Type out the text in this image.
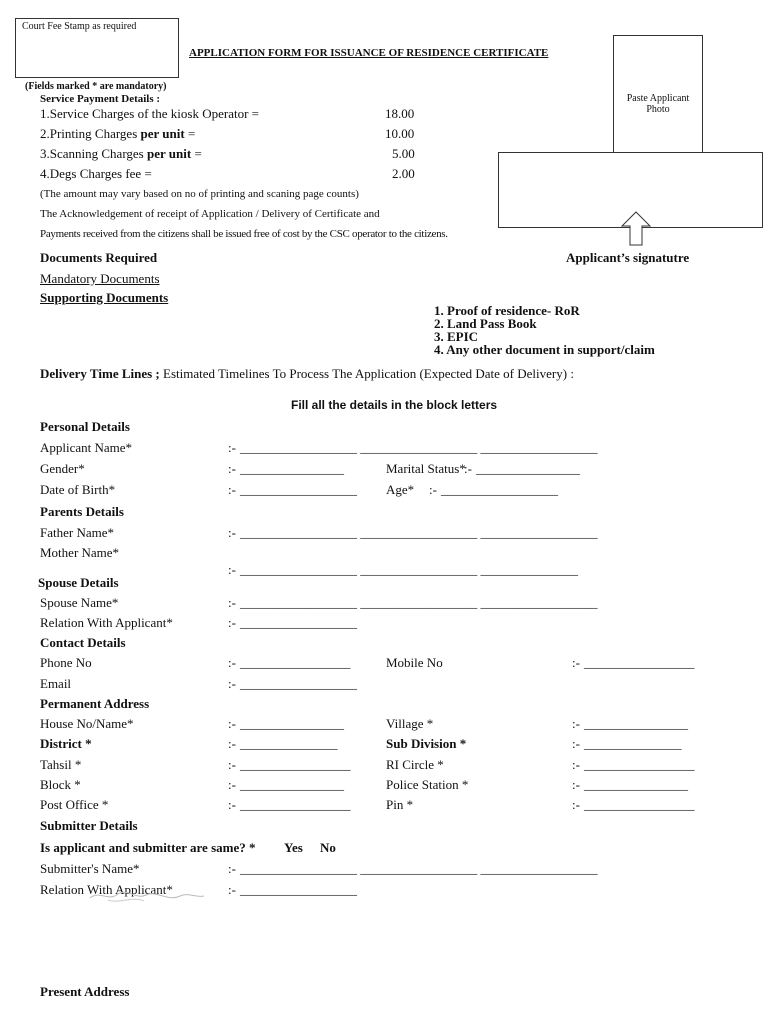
Court Fee Stamp as required
APPLICATION FORM FOR ISSUANCE OF RESIDENCE CERTIFICATE
Paste Applicant
Photo
Applicant’s signatutre
(Fields marked * are mandatory)
Service Payment Details :
1.Service Charges of the kiosk Operator =	18.00
2.Printing Charges per unit =	10.00
3.Scanning Charges per unit =	5.00
4.Degs Charges fee =	2.00
(The amount may vary based on no of printing and scaning page counts)
The Acknowledgement of receipt of Application / Delivery of Certificate and
Payments received from the citizens shall be issued free of cost by the CSC operator to the citizens.
Documents Required
Mandatory Documents
Supporting Documents
1. Proof of residence- RoR
2. Land Pass Book
3. EPIC
4. Any other document in support/claim
Delivery Time Lines ; Estimated Timelines To Process The Application (Expected Date of Delivery) :
Fill all the details in the block letters
Personal Details
Applicant Name*	:- __________________ __________________ __________________
Gender*	:- ________________	Marital Status*
:- ________________
Date of Birth*	:- __________________ Age* :- __________________
Parents Details
Father Name*	:- __________________ __________________ __________________
Mother Name*
:- __________________ __________________ _______________
Spouse Details
Spouse Name*	:- __________________ __________________ __________________
Relation With Applicant*	:- __________________
Contact Details
Phone No	:- _________________	Mobile No	:- _________________
Email	:- __________________
Permanent Address
House No/Name*	:- ________________	Village *	:- ________________
District *	:- _______________	Sub Division *	:- _______________
Tahsil *	:- _________________	RI Circle *	:- _________________
Block *	:- ________________	Police Station *	:- ________________
Post Office *	:- _________________	Pin *	:- _________________
Submitter Details
Is applicant and submitter are same? * Yes No
Submitter's Name*	:- __________________ __________________ __________________
Relation With Applicant*	:- __________________
Present Address
